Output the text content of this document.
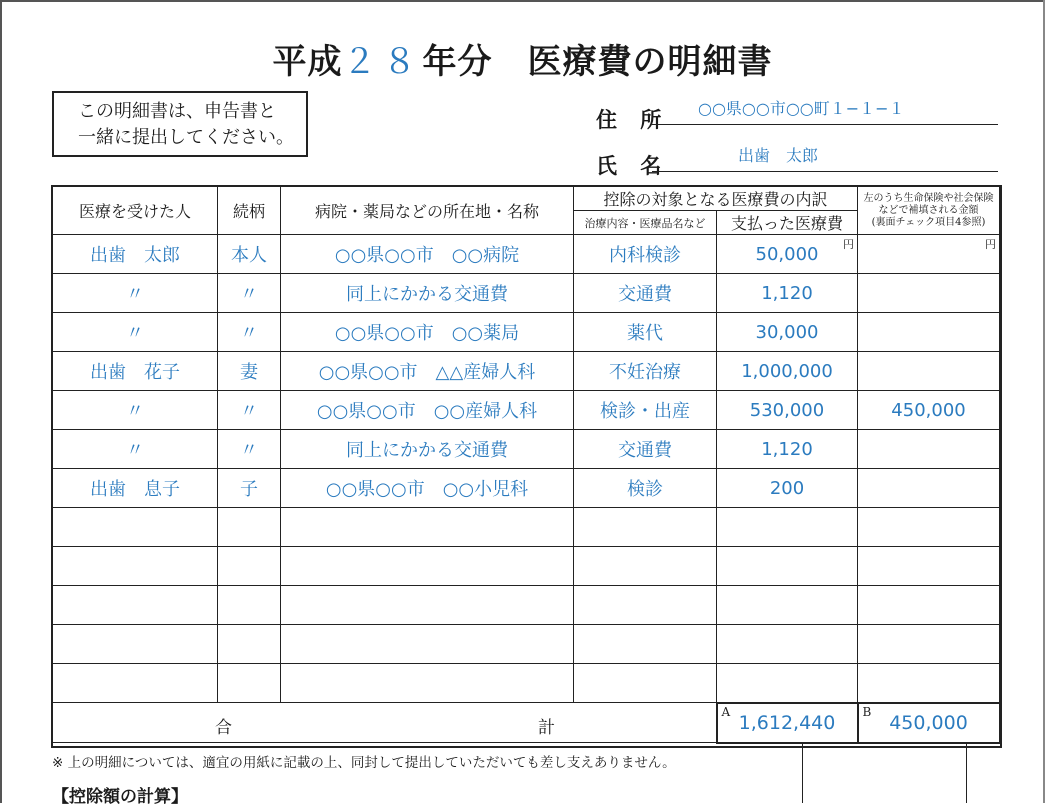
平成２８年分　医療費の明細書
この明細書は、申告書と
一緒に提出してください。
住 所 ○○県○○市○○町１−１−１
氏 名	出歯　太郎
医療を受けた人	続柄	病院・薬局などの所在地・名称	控除の対象となる医療費の内訳		左のうち生命保険や社会保険
などで補填される金額
(裏面チェック項目4参照)

			治療内容・医療品名など	支払った医療費	
出歯　太郎	本人	○○県○○市　○○病院	内科検診	50,000 円	円

〃	〃	同上にかかる交通費	交通費	1,120	
〃	〃	○○県○○市　○○薬局	薬代	30,000	
出歯　花子	妻	○○県○○市　△△産婦人科	不妊治療	1,000,000	
〃	〃	○○県○○市　○○産婦人科	検診・出産	530,000	450,000
〃	〃	同上にかかる交通費	交通費	1,120	
出歯　息子	子	○○県○○市　○○小児科	検診	200	

合 計				A 1,612,440	B 450,000
※ 上の明細については、適宜の用紙に記載の上、同封して提出していただいても差し支えありません。
【控除額の計算】
